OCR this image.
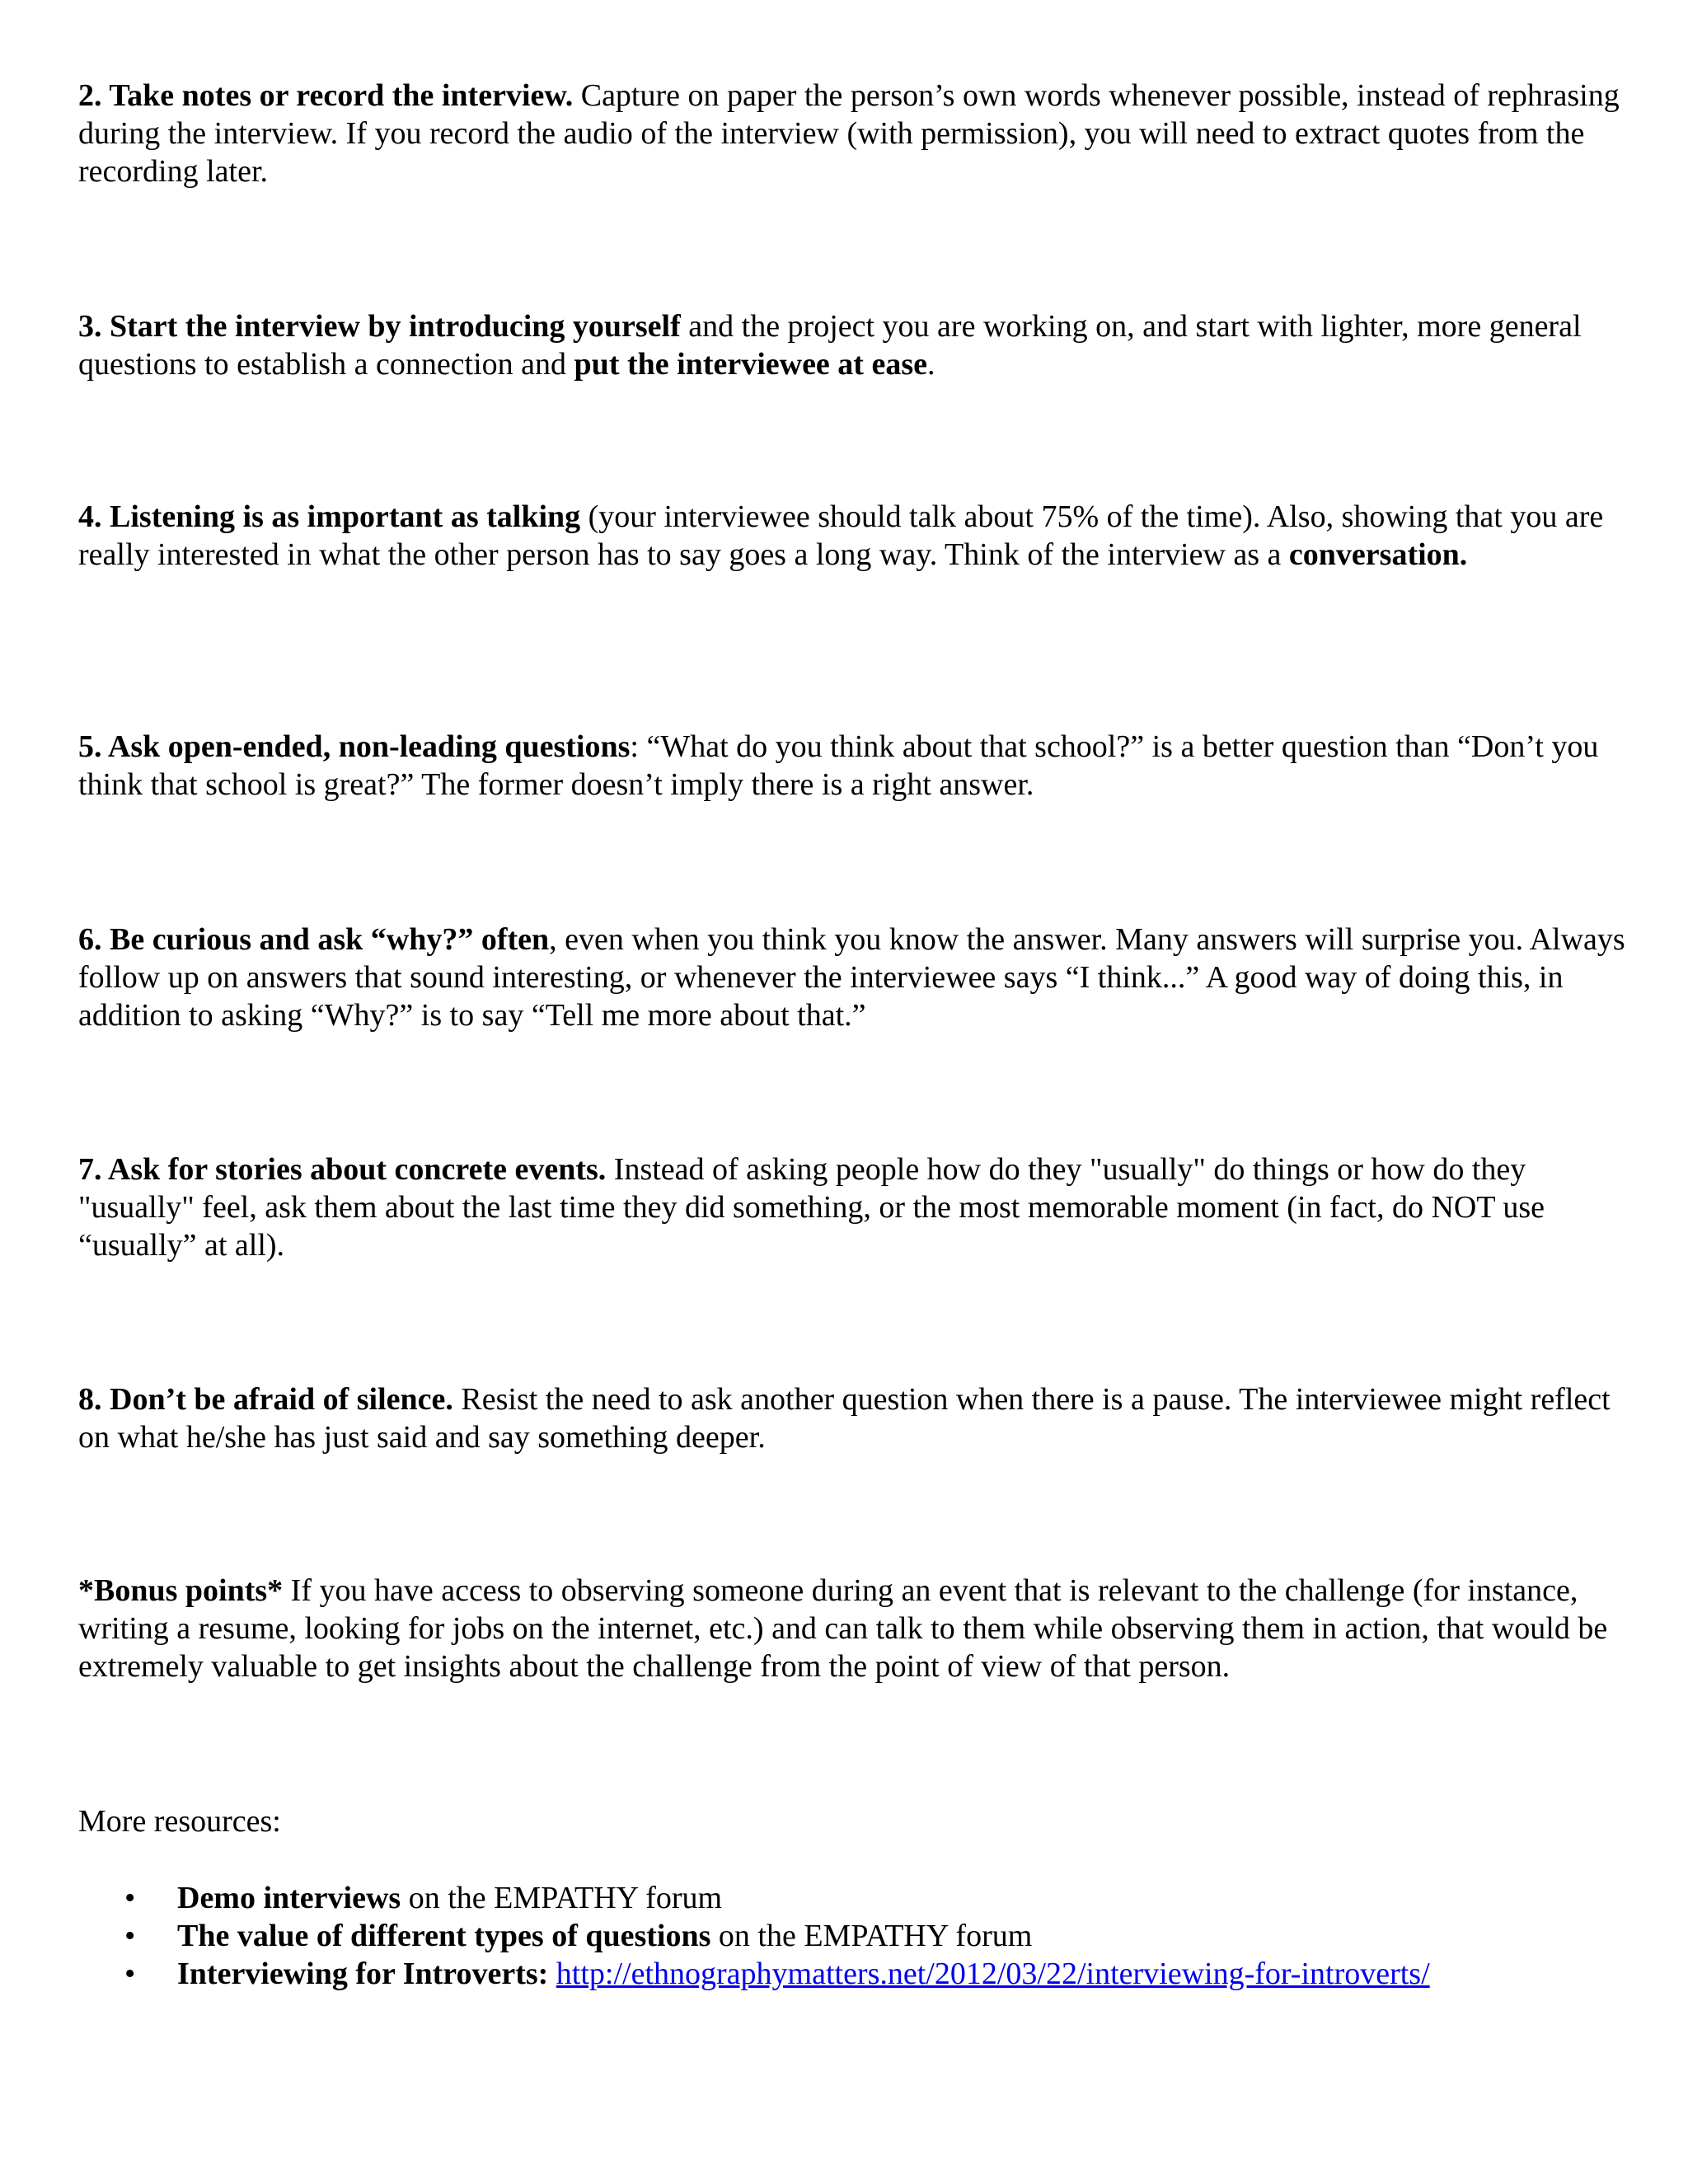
2. Take notes or record the interview. Capture on paper the person’s own words whenever possible, instead of rephrasing during the interview. If you record the audio of the interview (with permission), you will need to extract quotes from the recording later.

3. Start the interview by introducing yourself and the project you are working on, and start with lighter, more general questions to establish a connection and put the interviewee at ease.

4. Listening is as important as talking (your interviewee should talk about 75% of the time). Also, showing that you are really interested in what the other person has to say goes a long way. Think of the interview as a conversation.

5. Ask open-ended, non-leading questions: “What do you think about that school?” is a better question than “Don’t you think that school is great?” The former doesn’t imply there is a right answer.

6. Be curious and ask “why?” often, even when you think you know the answer. Many answers will surprise you. Always follow up on answers that sound interesting, or whenever the interviewee says “I think...” A good way of doing this, in addition to asking “Why?” is to say “Tell me more about that.”

7. Ask for stories about concrete events. Instead of asking people how do they "usually" do things or how do they "usually" feel, ask them about the last time they did something, or the most memorable moment (in fact, do NOT use “usually” at all).

8. Don’t be afraid of silence. Resist the need to ask another question when there is a pause. The interviewee might reflect on what he/she has just said and say something deeper.

*Bonus points* If you have access to observing someone during an event that is relevant to the challenge (for instance, writing a resume, looking for jobs on the internet, etc.) and can talk to them while observing them in action, that would be extremely valuable to get insights about the challenge from the point of view of that person.

More resources:

• Demo interviews on the EMPATHY forum
• The value of different types of questions on the EMPATHY forum
• Interviewing for Introverts: http://ethnographymatters.net/2012/03/22/interviewing-for-introverts/
